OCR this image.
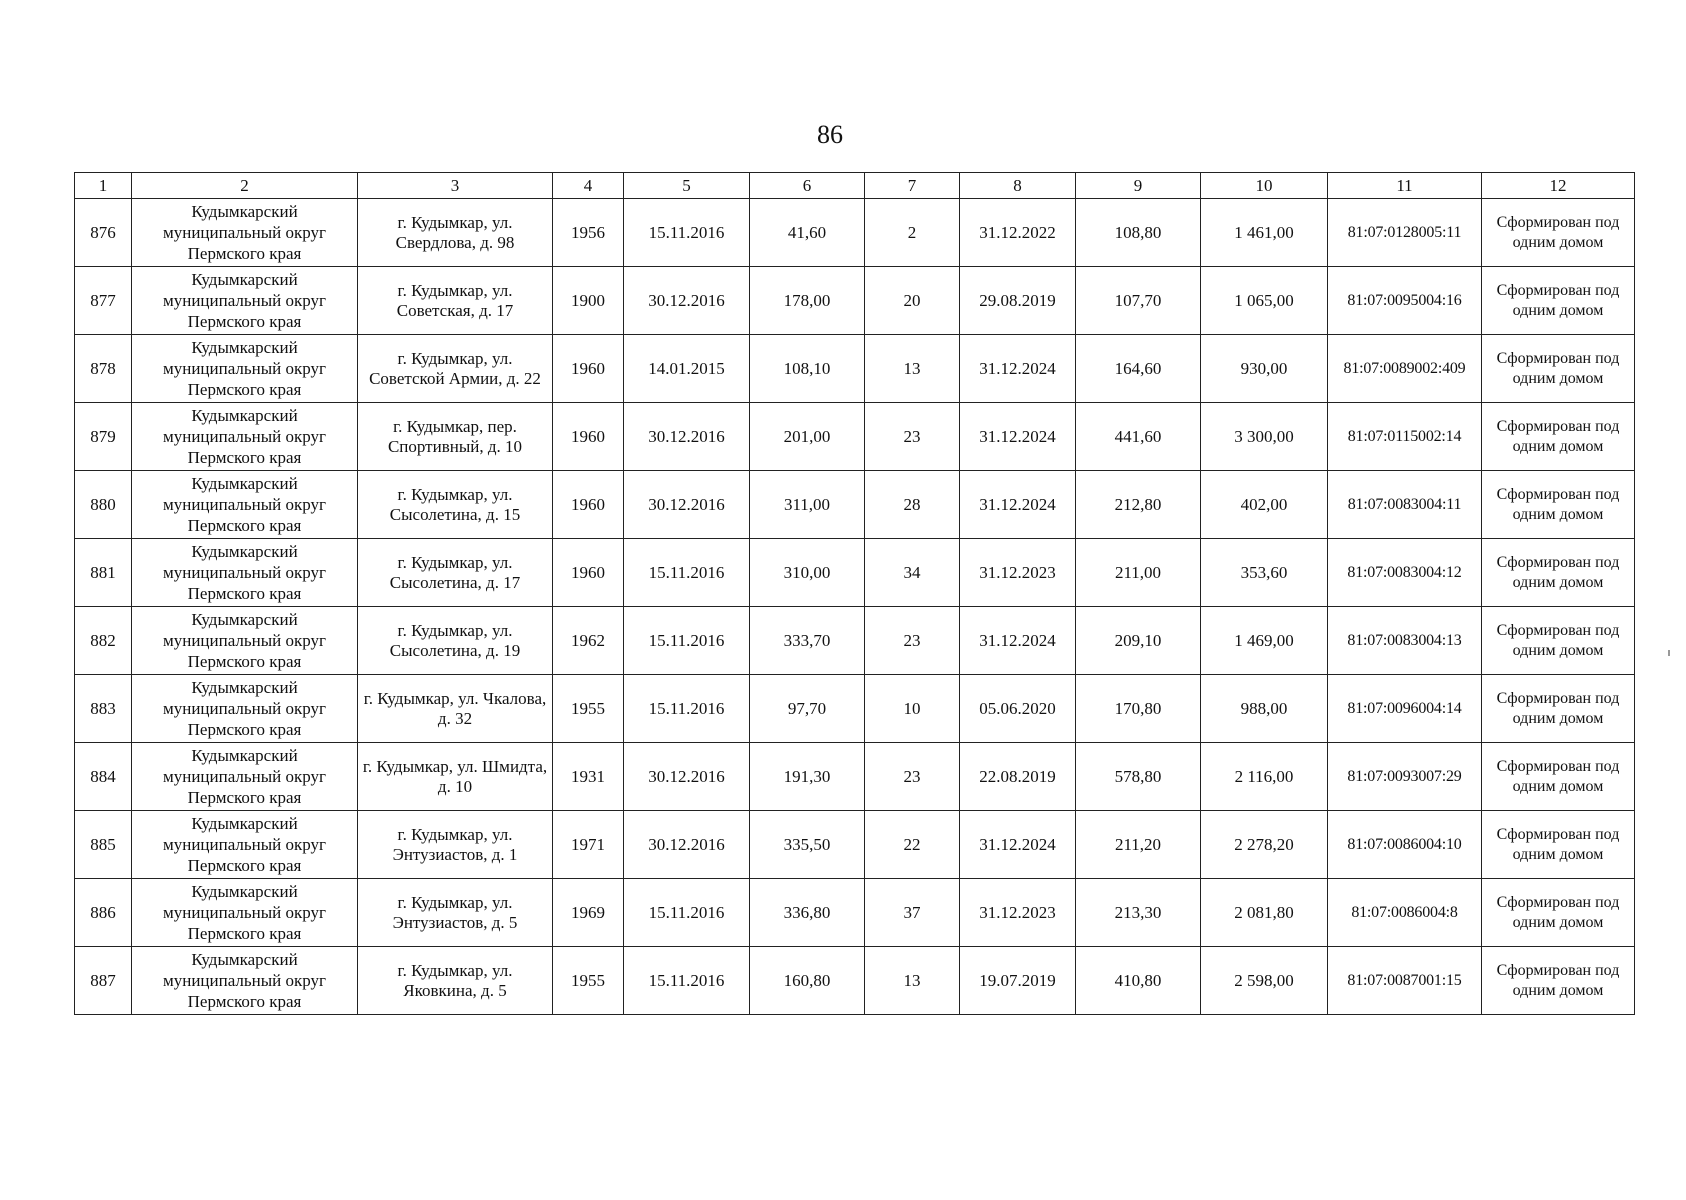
86
1	2	3	4	5	6	7	8	9	10	11	12
876	Кудымкарский муниципальный округ Пермского края	г. Кудымкар, ул. Свердлова, д. 98	1956	15.11.2016	41,60	2	31.12.2022	108,80	1 461,00	81:07:0128005:11	Сформирован под одним домом
877	Кудымкарский муниципальный округ Пермского края	г. Кудымкар, ул. Советская, д. 17	1900	30.12.2016	178,00	20	29.08.2019	107,70	1 065,00	81:07:0095004:16	Сформирован под одним домом
878	Кудымкарский муниципальный округ Пермского края	г. Кудымкар, ул. Советской Армии, д. 22	1960	14.01.2015	108,10	13	31.12.2024	164,60	930,00	81:07:0089002:409	Сформирован под одним домом
879	Кудымкарский муниципальный округ Пермского края	г. Кудымкар, пер. Спортивный, д. 10	1960	30.12.2016	201,00	23	31.12.2024	441,60	3 300,00	81:07:0115002:14	Сформирован под одним домом
880	Кудымкарский муниципальный округ Пермского края	г. Кудымкар, ул. Сысолетина, д. 15	1960	30.12.2016	311,00	28	31.12.2024	212,80	402,00	81:07:0083004:11	Сформирован под одним домом
881	Кудымкарский муниципальный округ Пермского края	г. Кудымкар, ул. Сысолетина, д. 17	1960	15.11.2016	310,00	34	31.12.2023	211,00	353,60	81:07:0083004:12	Сформирован под одним домом
882	Кудымкарский муниципальный округ Пермского края	г. Кудымкар, ул. Сысолетина, д. 19	1962	15.11.2016	333,70	23	31.12.2024	209,10	1 469,00	81:07:0083004:13	Сформирован под одним домом
883	Кудымкарский муниципальный округ Пермского края	г. Кудымкар, ул. Чкалова, д. 32	1955	15.11.2016	97,70	10	05.06.2020	170,80	988,00	81:07:0096004:14	Сформирован под одним домом
884	Кудымкарский муниципальный округ Пермского края	г. Кудымкар, ул. Шмидта, д. 10	1931	30.12.2016	191,30	23	22.08.2019	578,80	2 116,00	81:07:0093007:29	Сформирован под одним домом
885	Кудымкарский муниципальный округ Пермского края	г. Кудымкар, ул. Энтузиастов, д. 1	1971	30.12.2016	335,50	22	31.12.2024	211,20	2 278,20	81:07:0086004:10	Сформирован под одним домом
886	Кудымкарский муниципальный округ Пермского края	г. Кудымкар, ул. Энтузиастов, д. 5	1969	15.11.2016	336,80	37	31.12.2023	213,30	2 081,80	81:07:0086004:8	Сформирован под одним домом
887	Кудымкарский муниципальный округ Пермского края	г. Кудымкар, ул. Яковкина, д. 5	1955	15.11.2016	160,80	13	19.07.2019	410,80	2 598,00	81:07:0087001:15	Сформирован под одним домом
